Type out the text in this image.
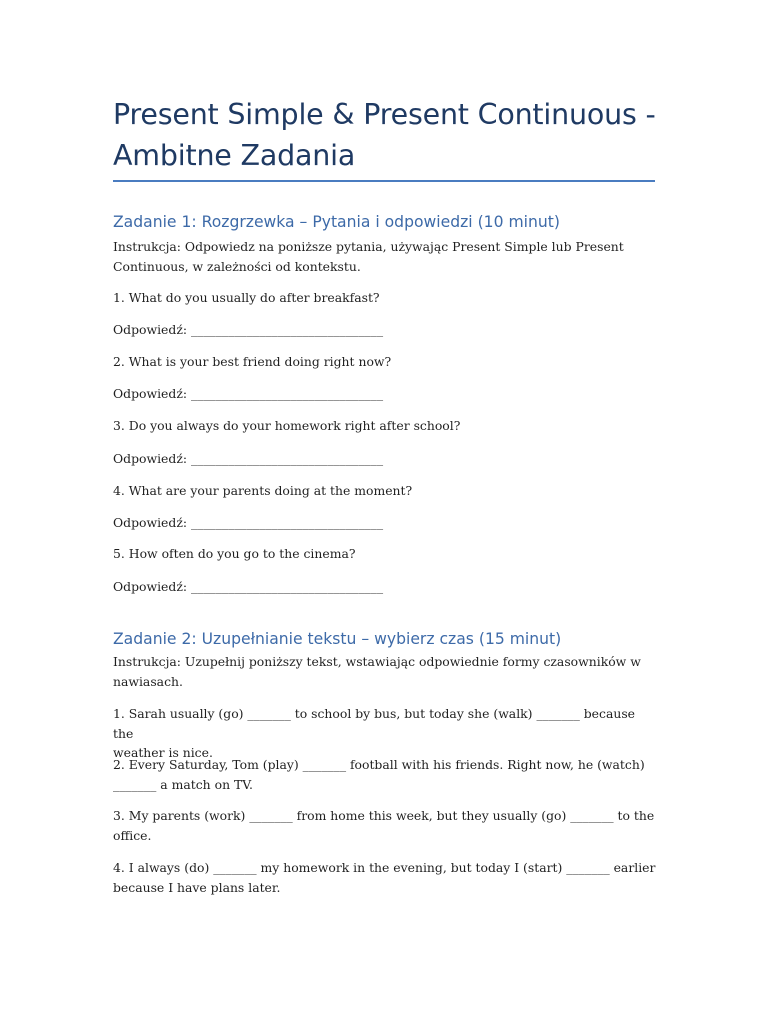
Present Simple & Present Continuous -
Ambitne Zadania
Zadanie 1: Rozgrzewka – Pytania i odpowiedzi (10 minut)

Instrukcja: Odpowiedz na poniższe pytania, używając Present Simple lub Present
Continuous, w zależności od kontekstu.

1. What do you usually do after breakfast?

Odpowiedź: _______________________________

2. What is your best friend doing right now?

Odpowiedź: _______________________________

3. Do you always do your homework right after school?

Odpowiedź: _______________________________

4. What are your parents doing at the moment?

Odpowiedź: _______________________________

5. How often do you go to the cinema?

Odpowiedź: _______________________________

Zadanie 2: Uzupełnianie tekstu – wybierz czas (15 minut)

Instrukcja: Uzupełnij poniższy tekst, wstawiając odpowiednie formy czasowników w
nawiasach.

1. Sarah usually (go) _______ to school by bus, but today she (walk) _______ because the
weather is nice.

2. Every Saturday, Tom (play) _______ football with his friends. Right now, he (watch)
_______ a match on TV.

3. My parents (work) _______ from home this week, but they usually (go) _______ to the
office.

4. I always (do) _______ my homework in the evening, but today I (start) _______ earlier
because I have plans later.
